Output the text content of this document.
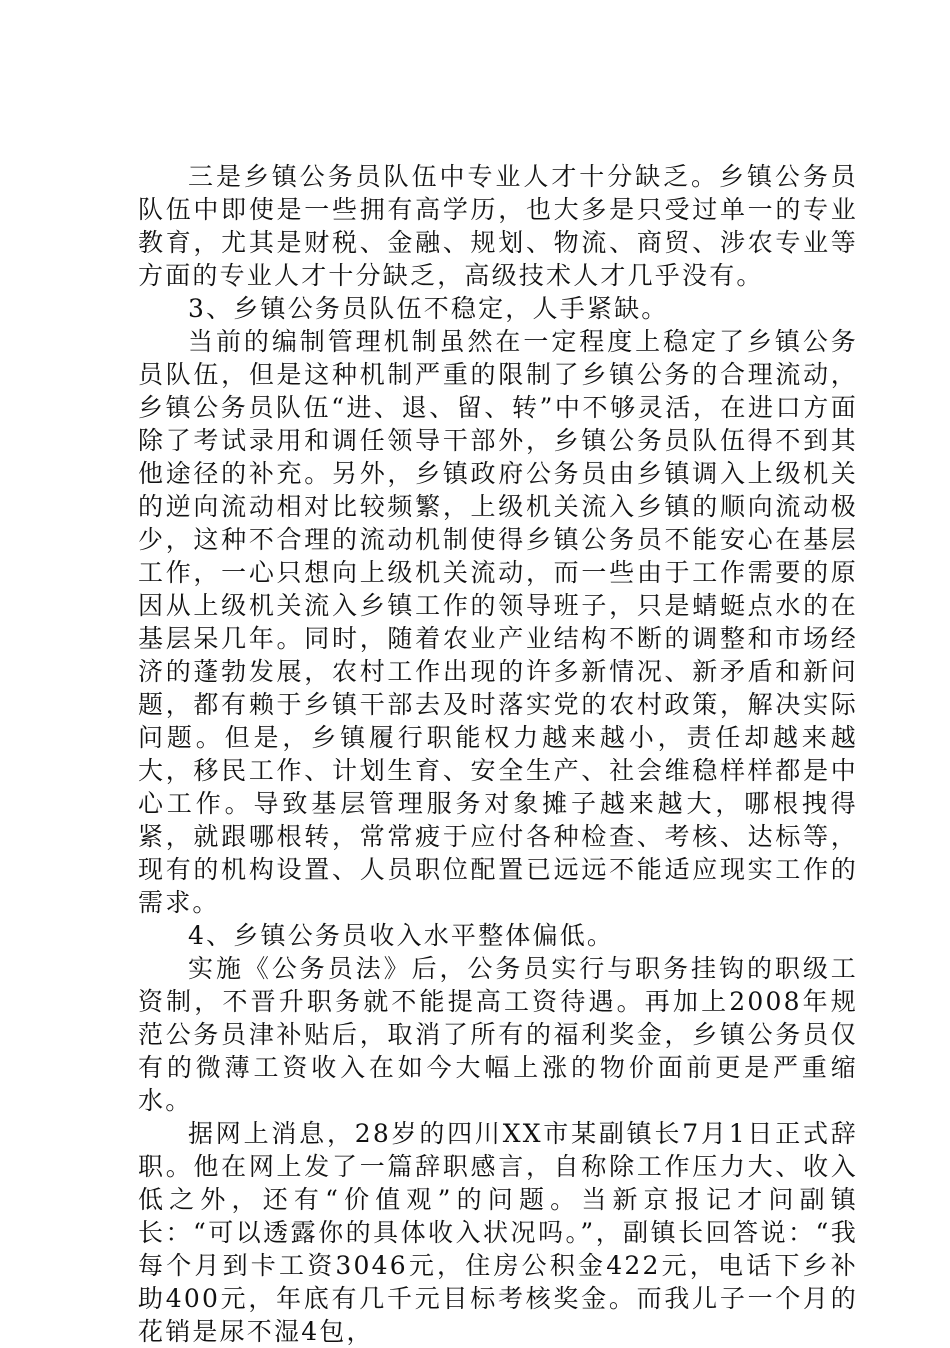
三是乡镇公务员队伍中专业人才十分缺乏。乡镇公务员队伍中即使是一些拥有高学历，也大多是只受过单一的专业教育，尤其是财税、金融、规划、物流、商贸、涉农专业等方面的专业人才十分缺乏，高级技术人才几乎没有。

3、乡镇公务员队伍不稳定，人手紧缺。

当前的编制管理机制虽然在一定程度上稳定了乡镇公务员队伍，但是这种机制严重的限制了乡镇公务的合理流动，乡镇公务员队伍“进、退、留、转”中不够灵活，在进口方面除了考试录用和调任领导干部外，乡镇公务员队伍得不到其他途径的补充。另外，乡镇政府公务员由乡镇调入上级机关的逆向流动相对比较频繁，上级机关流入乡镇的顺向流动极少，这种不合理的流动机制使得乡镇公务员不能安心在基层工作，一心只想向上级机关流动，而一些由于工作需要的原因从上级机关流入乡镇工作的领导班子，只是蜻蜓点水的在基层呆几年。同时，随着农业产业结构不断的调整和市场经济的蓬勃发展，农村工作出现的许多新情况、新矛盾和新问题，都有赖于乡镇干部去及时落实党的农村政策，解决实际问题。但是，乡镇履行职能权力越来越小，责任却越来越大，移民工作、计划生育、安全生产、社会维稳样样都是中心工作。导致基层管理服务对象摊子越来越大，哪根拽得紧，就跟哪根转，常常疲于应付各种检查、考核、达标等，现有的机构设置、人员职位配置已远远不能适应现实工作的需求。

4、乡镇公务员收入水平整体偏低。

实施《公务员法》后，公务员实行与职务挂钩的职级工资制，不晋升职务就不能提高工资待遇。再加上2008年规范公务员津补贴后，取消了所有的福利奖金，乡镇公务员仅有的微薄工资收入在如今大幅上涨的物价面前更是严重缩水。

据网上消息，28岁的四川XX市某副镇长7月1日正式辞职。他在网上发了一篇辞职感言，自称除工作压力大、收入低之外，还有“价值观”的问题。当新京报记才问副镇长：“可以透露你的具体收入状况吗。”，副镇长回答说：“我每个月到卡工资3046元，住房公积金422元，电话下乡补助400元，年底有几千元目标考核奖金。而我儿子一个月的花销是尿不湿4包，
